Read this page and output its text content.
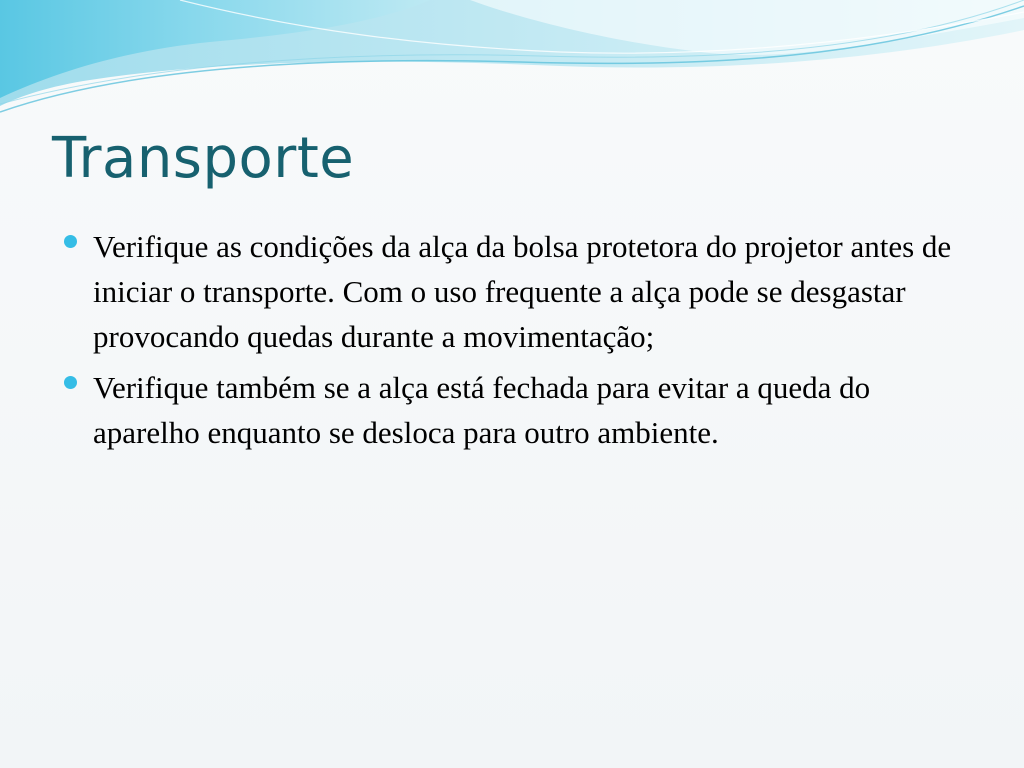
Transporte
Verifique as condições da alça da bolsa protetora do projetor antes de iniciar o transporte. Com o uso frequente a alça pode se desgastar provocando quedas durante a movimentação;
Verifique também se a alça está fechada para evitar a queda do aparelho enquanto se desloca para outro ambiente.
